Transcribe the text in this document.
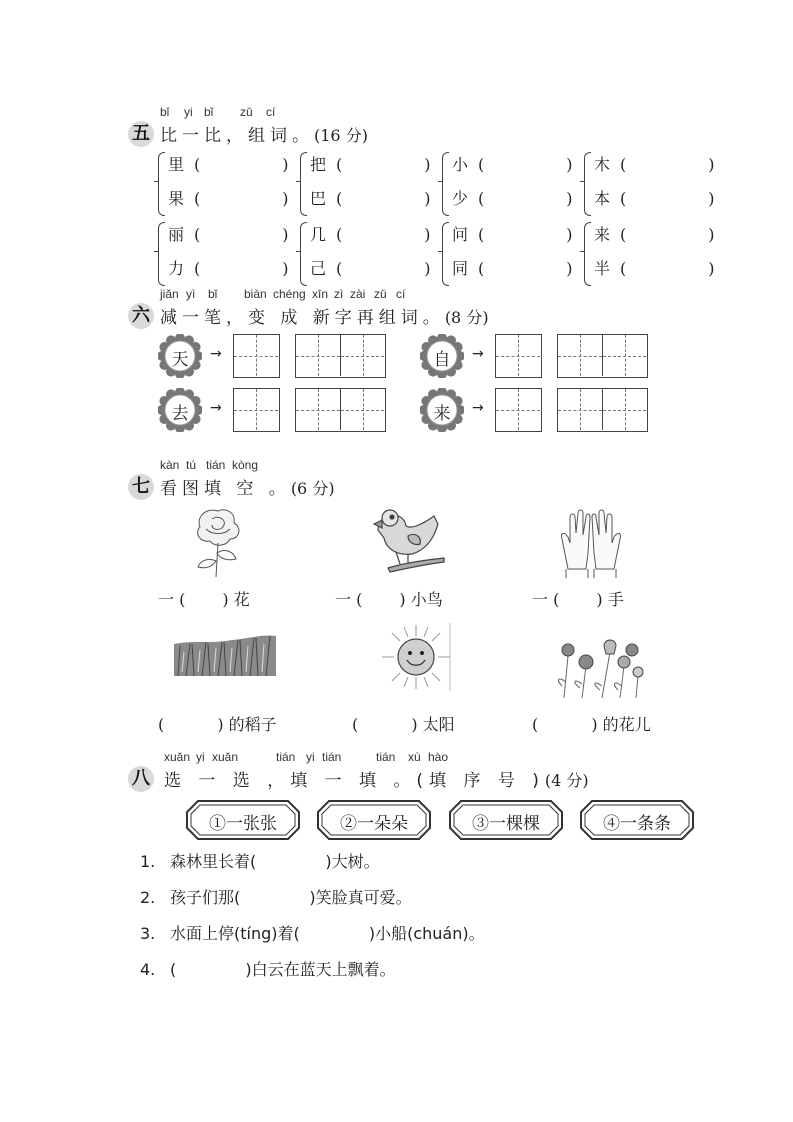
五
bǐ yi bǐ zǔ cí
比一比，组词。(16 分)
里 (	)
果 (	)
把 (	)
巴 (	)
小 (	)
少 (	)
木 (	)
本 (	)
丽 (	)
力 (	)
几 (	)
己 (	)
问 (	)
同 (	)
来 (	)
半 (	)
六
jiǎn yì bǐ biàn chéng xīn zì zài zǔ cí
减一笔，变 成 新字再组词。(8 分)
天	→
去	→
自	→
来	→
七
kàn tú tián kòng
看图填 空 。(6 分)
一 (　　 ) 花	一 (　　 ) 小鸟	一 (　　 ) 手
(　　　 ) 的稻子	(　　　 ) 太阳	(　　　 ) 的花儿
八
xuǎn yi xuǎn	tián yi tián	tián xù hào
选 一 选 ，填 一 填 。(填 序 号 )(4 分)
①一张张	②一朵朵	③一棵棵	④一条条
1. 森林里长着(　　　　 )大树。
2. 孩子们那(　　　　 )笑脸真可爱。
3. 水面上停(tíng)着(　　　　 )小船(chuán)。
4. (　　　　 )白云在蓝天上飘着。
